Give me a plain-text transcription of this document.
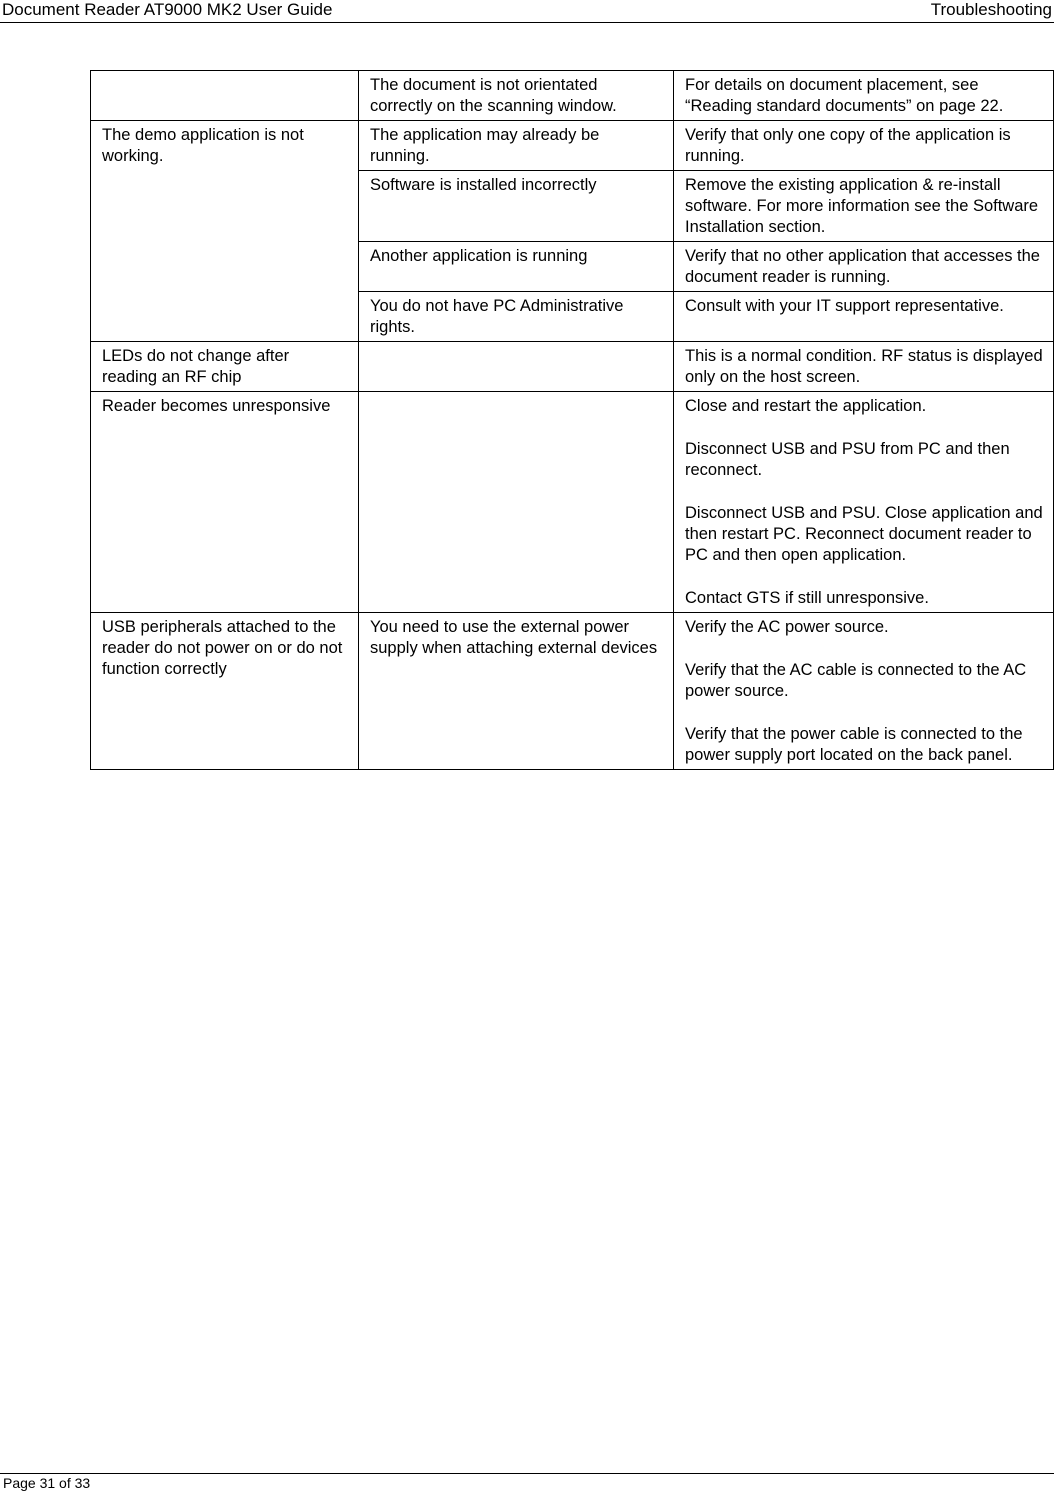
Document Reader AT9000 MK2 User Guide	Troubleshooting
	The document is not orientated correctly on the scanning window.	For details on document placement, see “Reading standard documents” on page 22.

The demo application is not working.	The application may already be running.	Verify that only one copy of the application is running.

	Software is installed incorrectly	Remove the existing application & re-install software. For more information see the Software Installation section.

	Another application is running	Verify that no other application that accesses the document reader is running.

	You do not have PC Administrative rights.	Consult with your IT support representative.

LEDs do not change after reading an RF chip		This is a normal condition. RF status is displayed only on the host screen.

Reader becomes unresponsive		Close and restart the application.

Disconnect USB and PSU from PC and then reconnect.

Disconnect USB and PSU. Close application and then restart PC. Reconnect document reader to PC and then open application.

Contact GTS if still unresponsive.

USB peripherals attached to the reader do not power on or do not function correctly	You need to use the external power supply when attaching external devices	Verify the AC power source.

Verify that the AC cable is connected to the AC power source.

Verify that the power cable is connected to the power supply port located on the back panel.

Page 31 of 33
